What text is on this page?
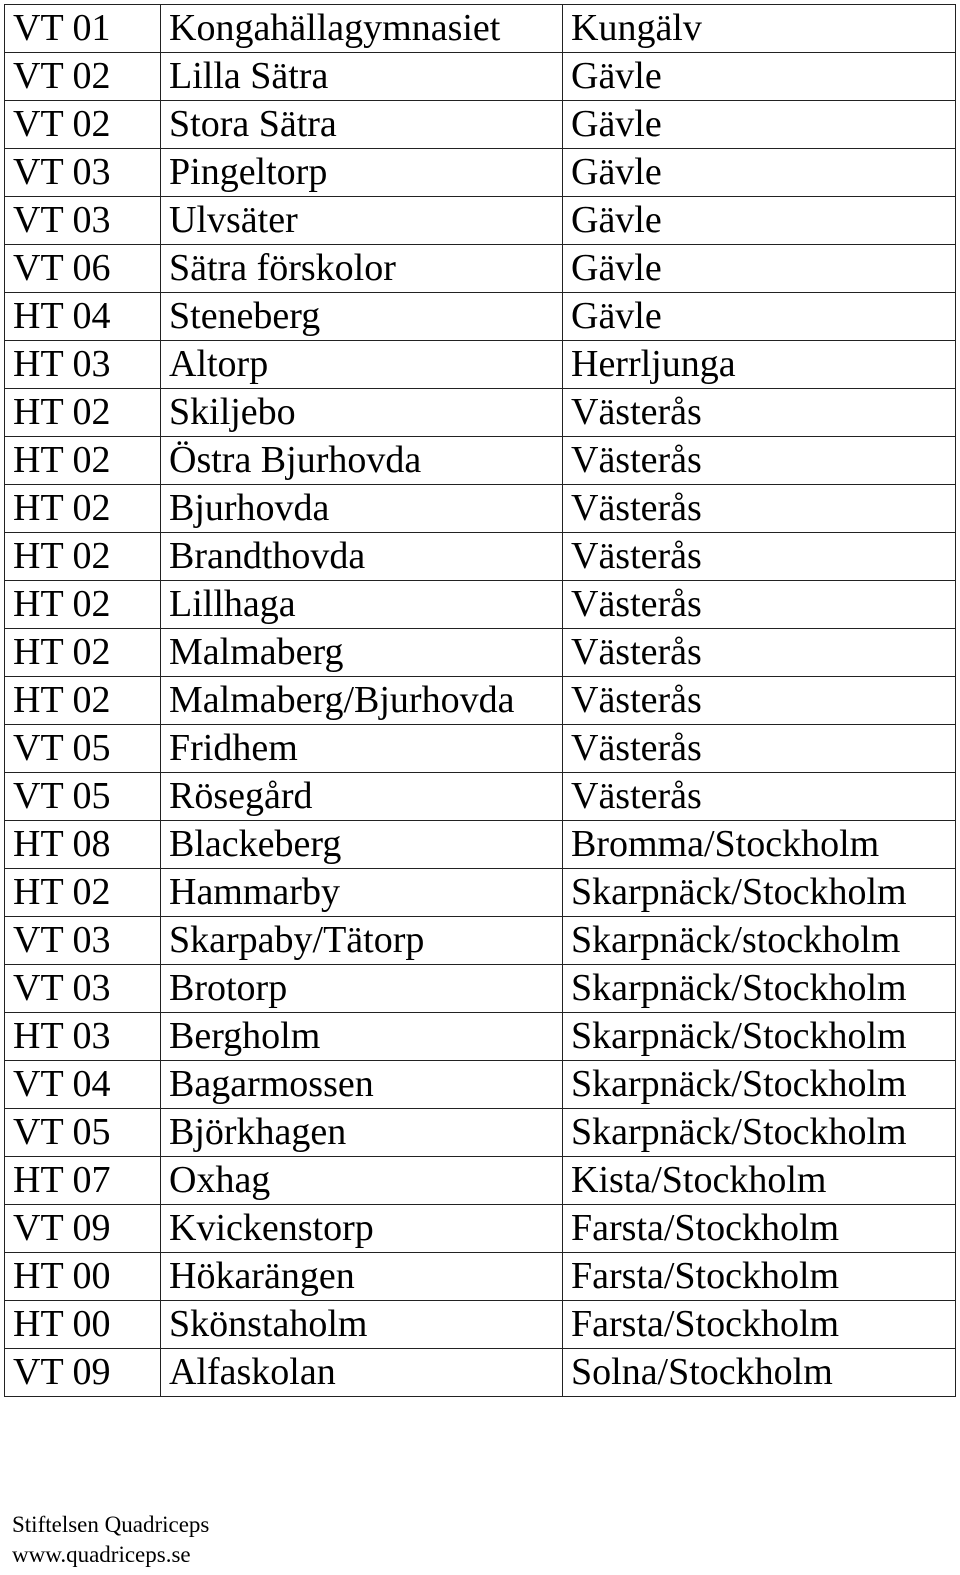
VT 01	Kongahällagymnasiet	Kungälv
VT 02	Lilla Sätra	Gävle
VT 02	Stora Sätra	Gävle
VT 03	Pingeltorp	Gävle
VT 03	Ulvsäter	Gävle
VT 06	Sätra förskolor	Gävle
HT 04	Steneberg	Gävle
HT 03	Altorp	Herrljunga
HT 02	Skiljebo	Västerås
HT 02	Östra Bjurhovda	Västerås
HT 02	Bjurhovda	Västerås
HT 02	Brandthovda	Västerås
HT 02	Lillhaga	Västerås
HT 02	Malmaberg	Västerås
HT 02	Malmaberg/Bjurhovda	Västerås
VT 05	Fridhem	Västerås
VT 05	Rösegård	Västerås
HT 08	Blackeberg	Bromma/Stockholm
HT 02	Hammarby	Skarpnäck/Stockholm
VT 03	Skarpaby/Tätorp	Skarpnäck/stockholm
VT 03	Brotorp	Skarpnäck/Stockholm
HT 03	Bergholm	Skarpnäck/Stockholm
VT 04	Bagarmossen	Skarpnäck/Stockholm
VT 05	Björkhagen	Skarpnäck/Stockholm
HT 07	Oxhag	Kista/Stockholm
VT 09	Kvickenstorp	Farsta/Stockholm
HT 00	Hökarängen	Farsta/Stockholm
HT 00	Skönstaholm	Farsta/Stockholm
VT 09	Alfaskolan	Solna/Stockholm
Stiftelsen Quadriceps
www.quadriceps.se
